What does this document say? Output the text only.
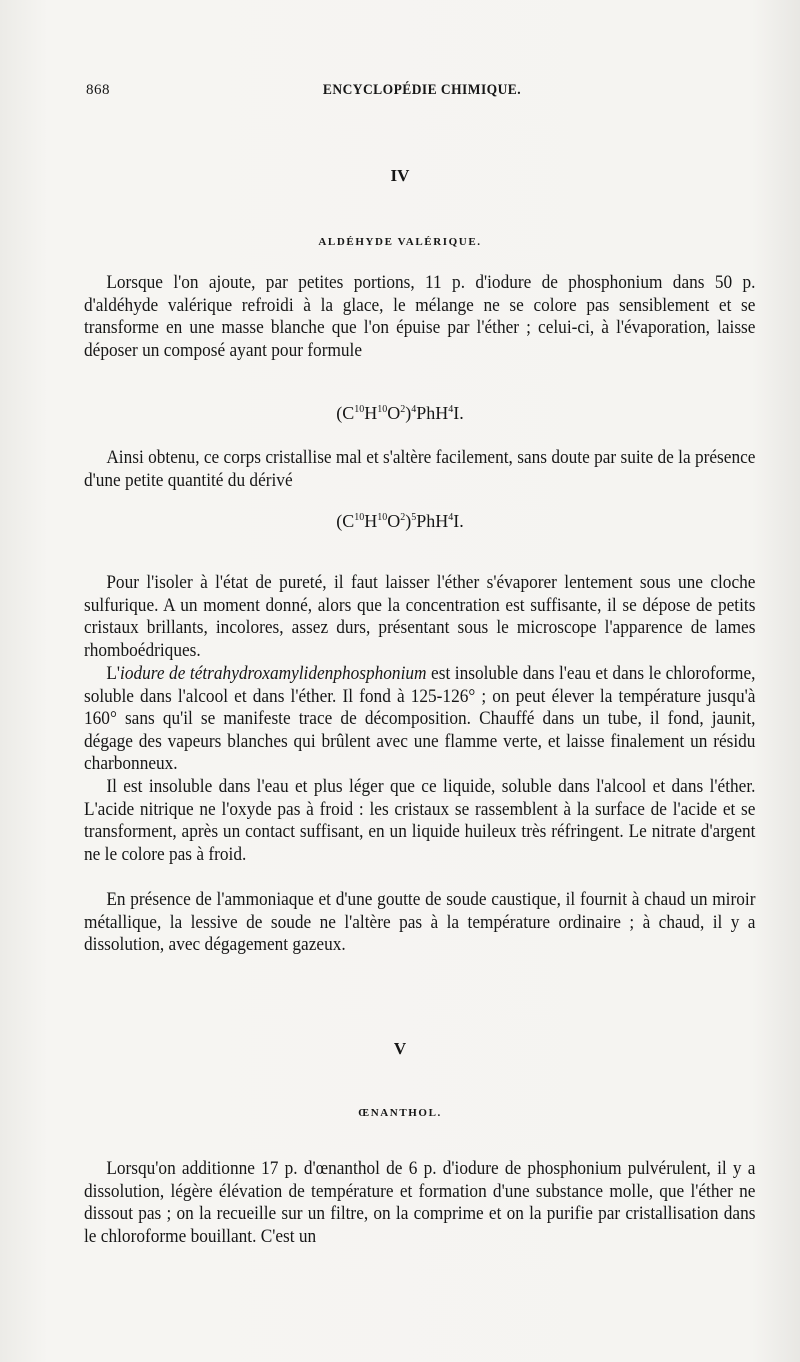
868	ENCYCLOPÉDIE CHIMIQUE.
IV
ALDÉHYDE VALÉRIQUE.
Lorsque l'on ajoute, par petites portions, 11 p. d'iodure de phosphonium dans 50 p. d'aldéhyde valérique refroidi à la glace, le mélange ne se colore pas sensiblement et se transforme en une masse blanche que l'on épuise par l'éther ; celui-ci, à l'évaporation, laisse déposer un composé ayant pour formule
$(C^{10}H^{10}O^2)^4PhH^4I$.
Ainsi obtenu, ce corps cristallise mal et s'altère facilement, sans doute par suite de la présence d'une petite quantité du dérivé
$(C^{10}H^{10}O^2)^5PhH^4I$.
Pour l'isoler à l'état de pureté, il faut laisser l'éther s'évaporer lentement sous une cloche sulfurique. A un moment donné, alors que la concentration est suffisante, il se dépose de petits cristaux brillants, incolores, assez durs, présentant sous le microscope l'apparence de lames rhomboédriques.
L'iodure de tétrahydroxamylidenphosphonium est insoluble dans l'eau et dans le chloroforme, soluble dans l'alcool et dans l'éther. Il fond à 125-126° ; on peut élever la température jusqu'à 160° sans qu'il se manifeste trace de décomposition. Chauffé dans un tube, il fond, jaunit, dégage des vapeurs blanches qui brûlent avec une flamme verte, et laisse finalement un résidu charbonneux.
Il est insoluble dans l'eau et plus léger que ce liquide, soluble dans l'alcool et dans l'éther. L'acide nitrique ne l'oxyde pas à froid : les cristaux se rassemblent à la surface de l'acide et se transforment, après un contact suffisant, en un liquide huileux très réfringent. Le nitrate d'argent ne le colore pas à froid.
En présence de l'ammoniaque et d'une goutte de soude caustique, il fournit à chaud un miroir métallique, la lessive de soude ne l'altère pas à la température ordinaire ; à chaud, il y a dissolution, avec dégagement gazeux.
V
ŒNANTHOL.
Lorsqu'on additionne 17 p. d'œnanthol de 6 p. d'iodure de phosphonium pulvérulent, il y a dissolution, légère élévation de température et formation d'une substance molle, que l'éther ne dissout pas ; on la recueille sur un filtre, on la comprime et on la purifie par cristallisation dans le chloroforme bouillant. C'est un
